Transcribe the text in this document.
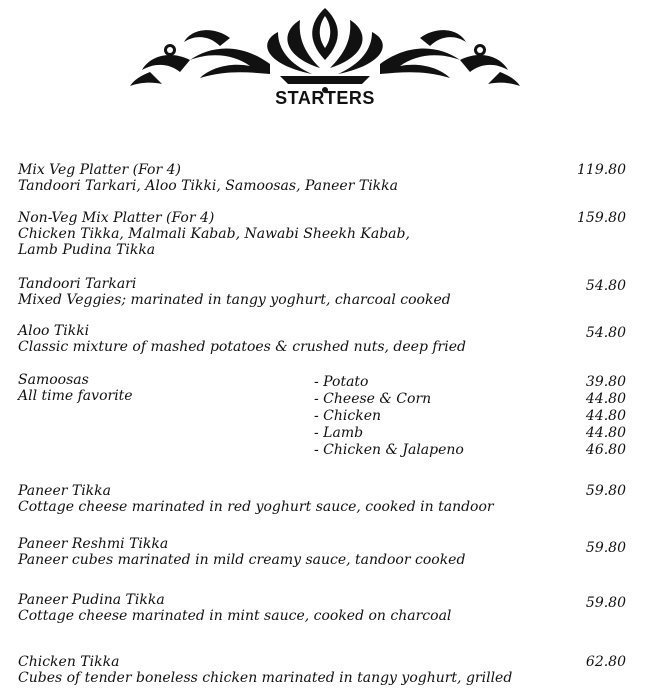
STARTERS
Mix Veg Platter (For 4)
Tandoori Tarkari, Aloo Tikki, Samoosas, Paneer Tikka
119.80
Non-Veg Mix Platter (For 4)
Chicken Tikka, Malmali Kabab, Nawabi Sheekh Kabab,
Lamb Pudina Tikka
159.80
Tandoori Tarkari
Mixed Veggies; marinated in tangy yoghurt, charcoal cooked
54.80
Aloo Tikki
Classic mixture of mashed potatoes & crushed nuts, deep fried
54.80
Samoosas
All time favorite
- Potato
- Cheese & Corn
- Chicken
- Lamb
- Chicken & Jalapeno
39.80
44.80
44.80
44.80
46.80
Paneer Tikka
Cottage cheese marinated in red yoghurt sauce, cooked in tandoor
59.80
Paneer Reshmi Tikka
Paneer cubes marinated in mild creamy sauce, tandoor cooked
59.80
Paneer Pudina Tikka
Cottage cheese marinated in mint sauce, cooked on charcoal
59.80
Chicken Tikka
Cubes of tender boneless chicken marinated in tangy yoghurt, grilled
62.80
